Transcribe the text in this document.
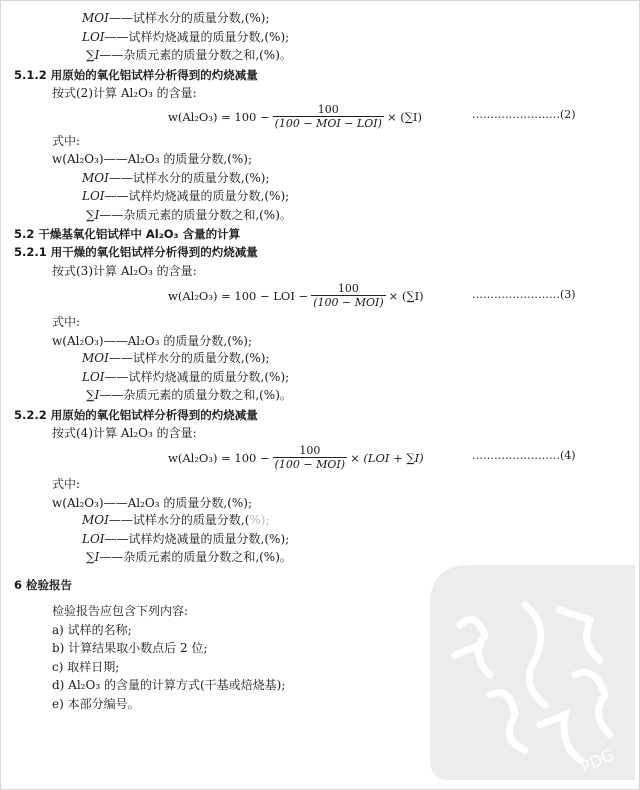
MOI——试样水分的质量分数,(%);
LOI——试样灼烧减量的质量分数,(%);
∑I——杂质元素的质量分数之和,(%)。
5.1.2 用原始的氧化铝试样分析得到的灼烧减量
按式(2)计算 Al₂O₃ 的含量:
$w(Al_2O_3) = 100 - \frac{100}{\text{(100 − MOI − LOI)}} \times (\sum I)$	……………………(2)
式中:
w(Al₂O₃)——Al₂O₃ 的质量分数,(%);
MOI——试样水分的质量分数,(%);
LOI——试样灼烧减量的质量分数,(%);
∑I——杂质元素的质量分数之和,(%)。
5.2 干燥基氧化铝试样中 Al₂O₃ 含量的计算
5.2.1 用干燥的氧化铝试样分析得到的灼烧减量
按式(3)计算 Al₂O₃ 的含量:
w(Al₂O₃) = 100 − LOI − $\frac{100}{\text{(100 − MOI)}} \times (\sum I)$	……………………(3)
式中:
w(Al₂O₃)——Al₂O₃ 的质量分数,(%);
MOI——试样水分的质量分数,(%);
LOI——试样灼烧减量的质量分数,(%);
∑I——杂质元素的质量分数之和,(%)。
5.2.2 用原始的氧化铝试样分析得到的灼烧减量
按式(4)计算 Al₂O₃ 的含量:
$w(Al_2O_3) = 100 - \frac{100}{\text{(100 − MOI)}} \times (LOI + \sum I)$	……………………(4)
式中:
w(Al₂O₃)——Al₂O₃ 的质量分数,(%);
MOI——试样水分的质量分数,(%);
LOI——试样灼烧减量的质量分数,(%);
∑I——杂质元素的质量分数之和,(%)。
6 检验报告
检验报告应包含下列内容:
a) 试样的名称;
b) 计算结果取小数点后 2 位;
c) 取样日期;
d) Al₂O₃ 的含量的计算方式(干基或焙烧基);
e) 本部分编号。
PDG
